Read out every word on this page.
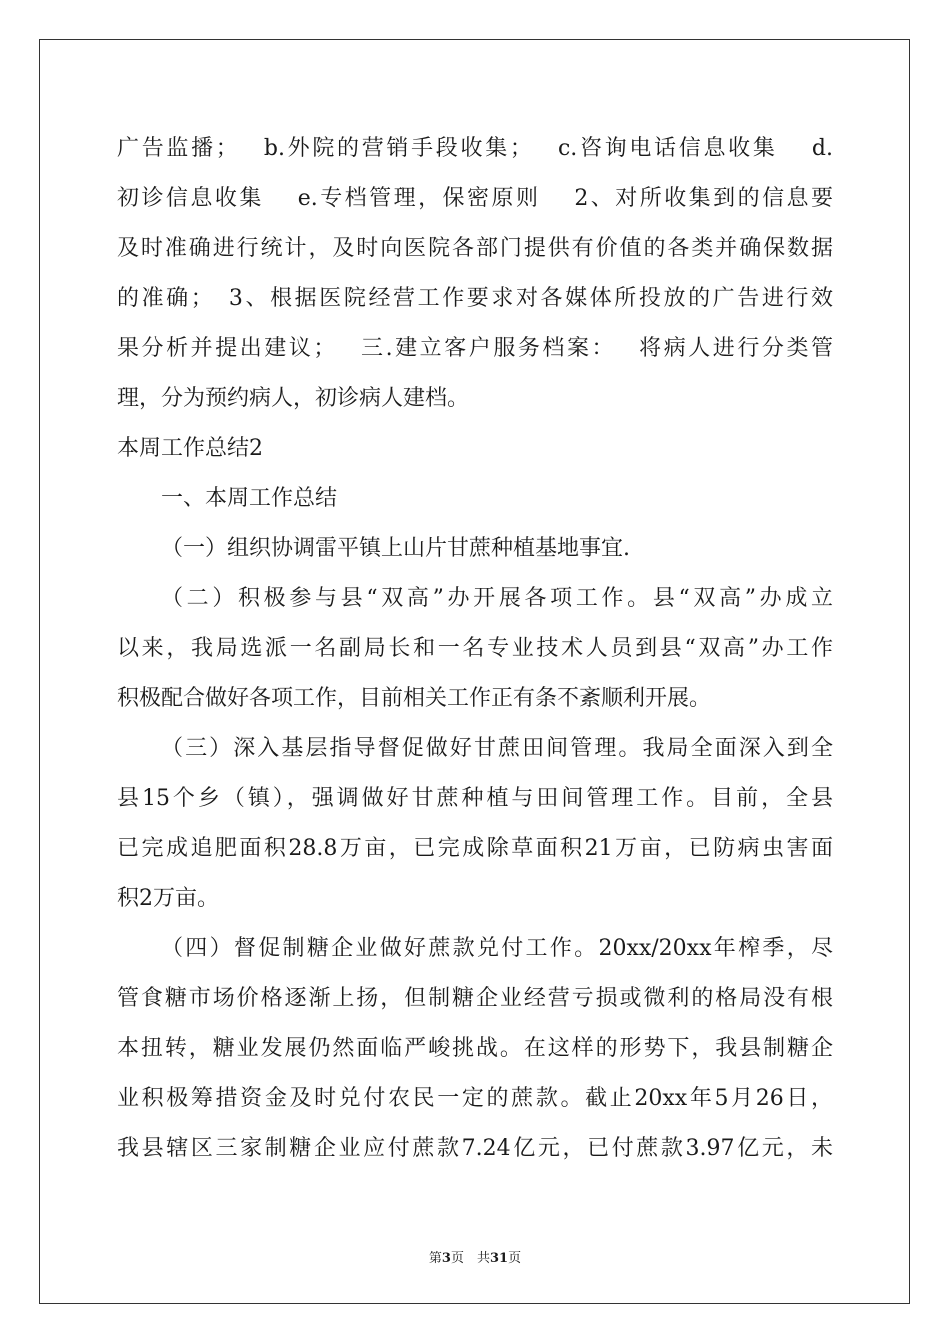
广告监播；　 b.外院的营销手段收集；　 c.咨询电话信息收集　 d.
初诊信息收集　 e.专档管理，保密原则　 2、对所收集到的信息要
及时准确进行统计，及时向医院各部门提供有价值的各类并确保数据
的准确；　3、根据医院经营工作要求对各媒体所投放的广告进行效
果分析并提出建议；　 三.建立客户服务档案：　 将病人进行分类管
理，分为预约病人，初诊病人建档。
本周工作总结2
一、本周工作总结
（一）组织协调雷平镇上山片甘蔗种植基地事宜.
（二）积极参与县“双高”办开展各项工作。县“双高”办成立
以来，我局选派一名副局长和一名专业技术人员到县“双高”办工作
积极配合做好各项工作，目前相关工作正有条不紊顺利开展。
（三）深入基层指导督促做好甘蔗田间管理。我局全面深入到全
县15个乡（镇），强调做好甘蔗种植与田间管理工作。目前，全县
已完成追肥面积28.8万亩，已完成除草面积21万亩，已防病虫害面
积2万亩。
（四）督促制糖企业做好蔗款兑付工作。20xx/20xx年榨季，尽
管食糖市场价格逐渐上扬，但制糖企业经营亏损或微利的格局没有根
本扭转，糖业发展仍然面临严峻挑战。在这样的形势下，我县制糖企
业积极筹措资金及时兑付农民一定的蔗款。截止20xx年5月26日，
我县辖区三家制糖企业应付蔗款7.24亿元，已付蔗款3.97亿元，未
第3页　共31页
